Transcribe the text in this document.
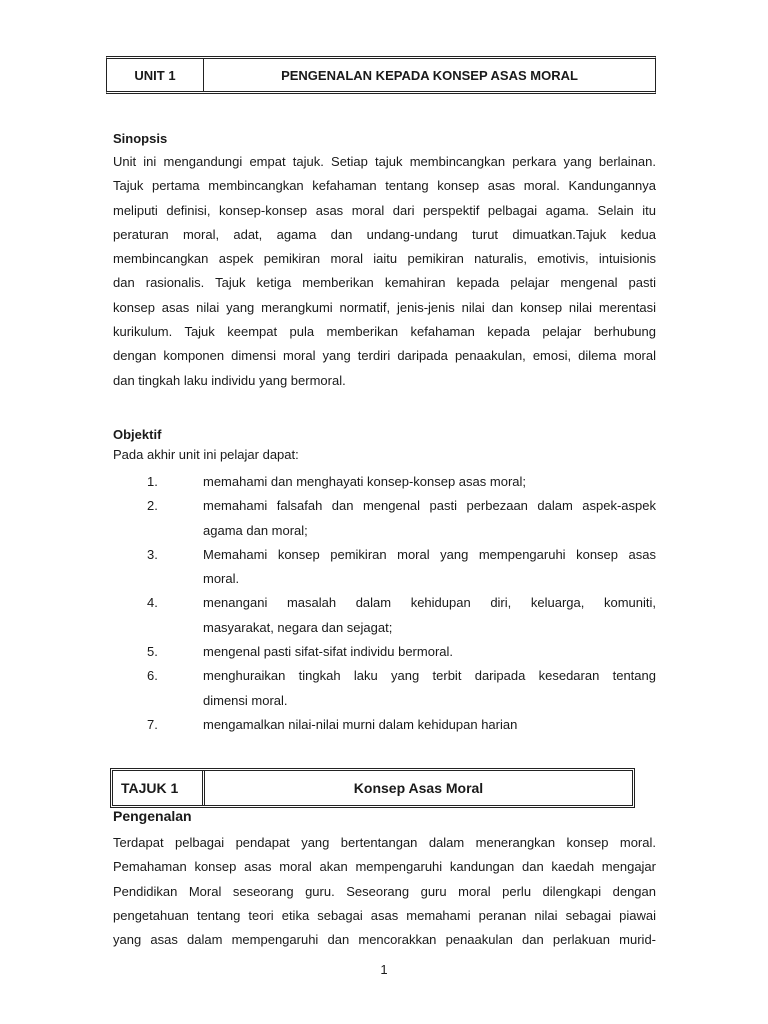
UNIT 1	PENGENALAN KEPADA KONSEP ASAS MORAL
Sinopsis
Unit ini mengandungi empat tajuk. Setiap tajuk membincangkan perkara yang berlainan.
Tajuk pertama membincangkan kefahaman tentang konsep asas moral. Kandungannya
meliputi definisi, konsep-konsep asas moral dari perspektif pelbagai agama. Selain itu
peraturan moral, adat, agama dan undang-undang turut dimuatkan.Tajuk kedua
membincangkan aspek pemikiran moral iaitu pemikiran naturalis, emotivis, intuisionis
dan rasionalis. Tajuk ketiga memberikan kemahiran kepada pelajar mengenal pasti
konsep asas nilai yang merangkumi normatif, jenis-jenis nilai dan konsep nilai merentasi
kurikulum. Tajuk keempat pula memberikan kefahaman kepada pelajar berhubung
dengan komponen dimensi moral yang terdiri daripada penaakulan, emosi, dilema moral
dan tingkah laku individu yang bermoral.
Objektif
Pada akhir unit ini pelajar dapat:
1.	memahami dan menghayati konsep-konsep asas moral;
2.	memahami falsafah dan mengenal pasti perbezaan dalam aspek-aspek
agama dan moral;
3.	Memahami konsep pemikiran moral yang mempengaruhi konsep asas
moral.
4.	menangani masalah dalam kehidupan diri, keluarga, komuniti,
masyarakat, negara dan sejagat;
5.	mengenal pasti sifat-sifat individu bermoral.
6.	menghuraikan tingkah laku yang terbit daripada kesedaran tentang
dimensi moral.
7.	mengamalkan nilai-nilai murni dalam kehidupan harian
TAJUK 1	Konsep Asas Moral
Pengenalan
Terdapat pelbagai pendapat yang bertentangan dalam menerangkan konsep moral.
Pemahaman konsep asas moral akan mempengaruhi kandungan dan kaedah mengajar
Pendidikan Moral seseorang guru. Seseorang guru moral perlu dilengkapi dengan
pengetahuan tentang teori etika sebagai asas memahami peranan nilai sebagai piawai
yang asas dalam mempengaruhi dan mencorakkan penaakulan dan perlakuan murid-
1
